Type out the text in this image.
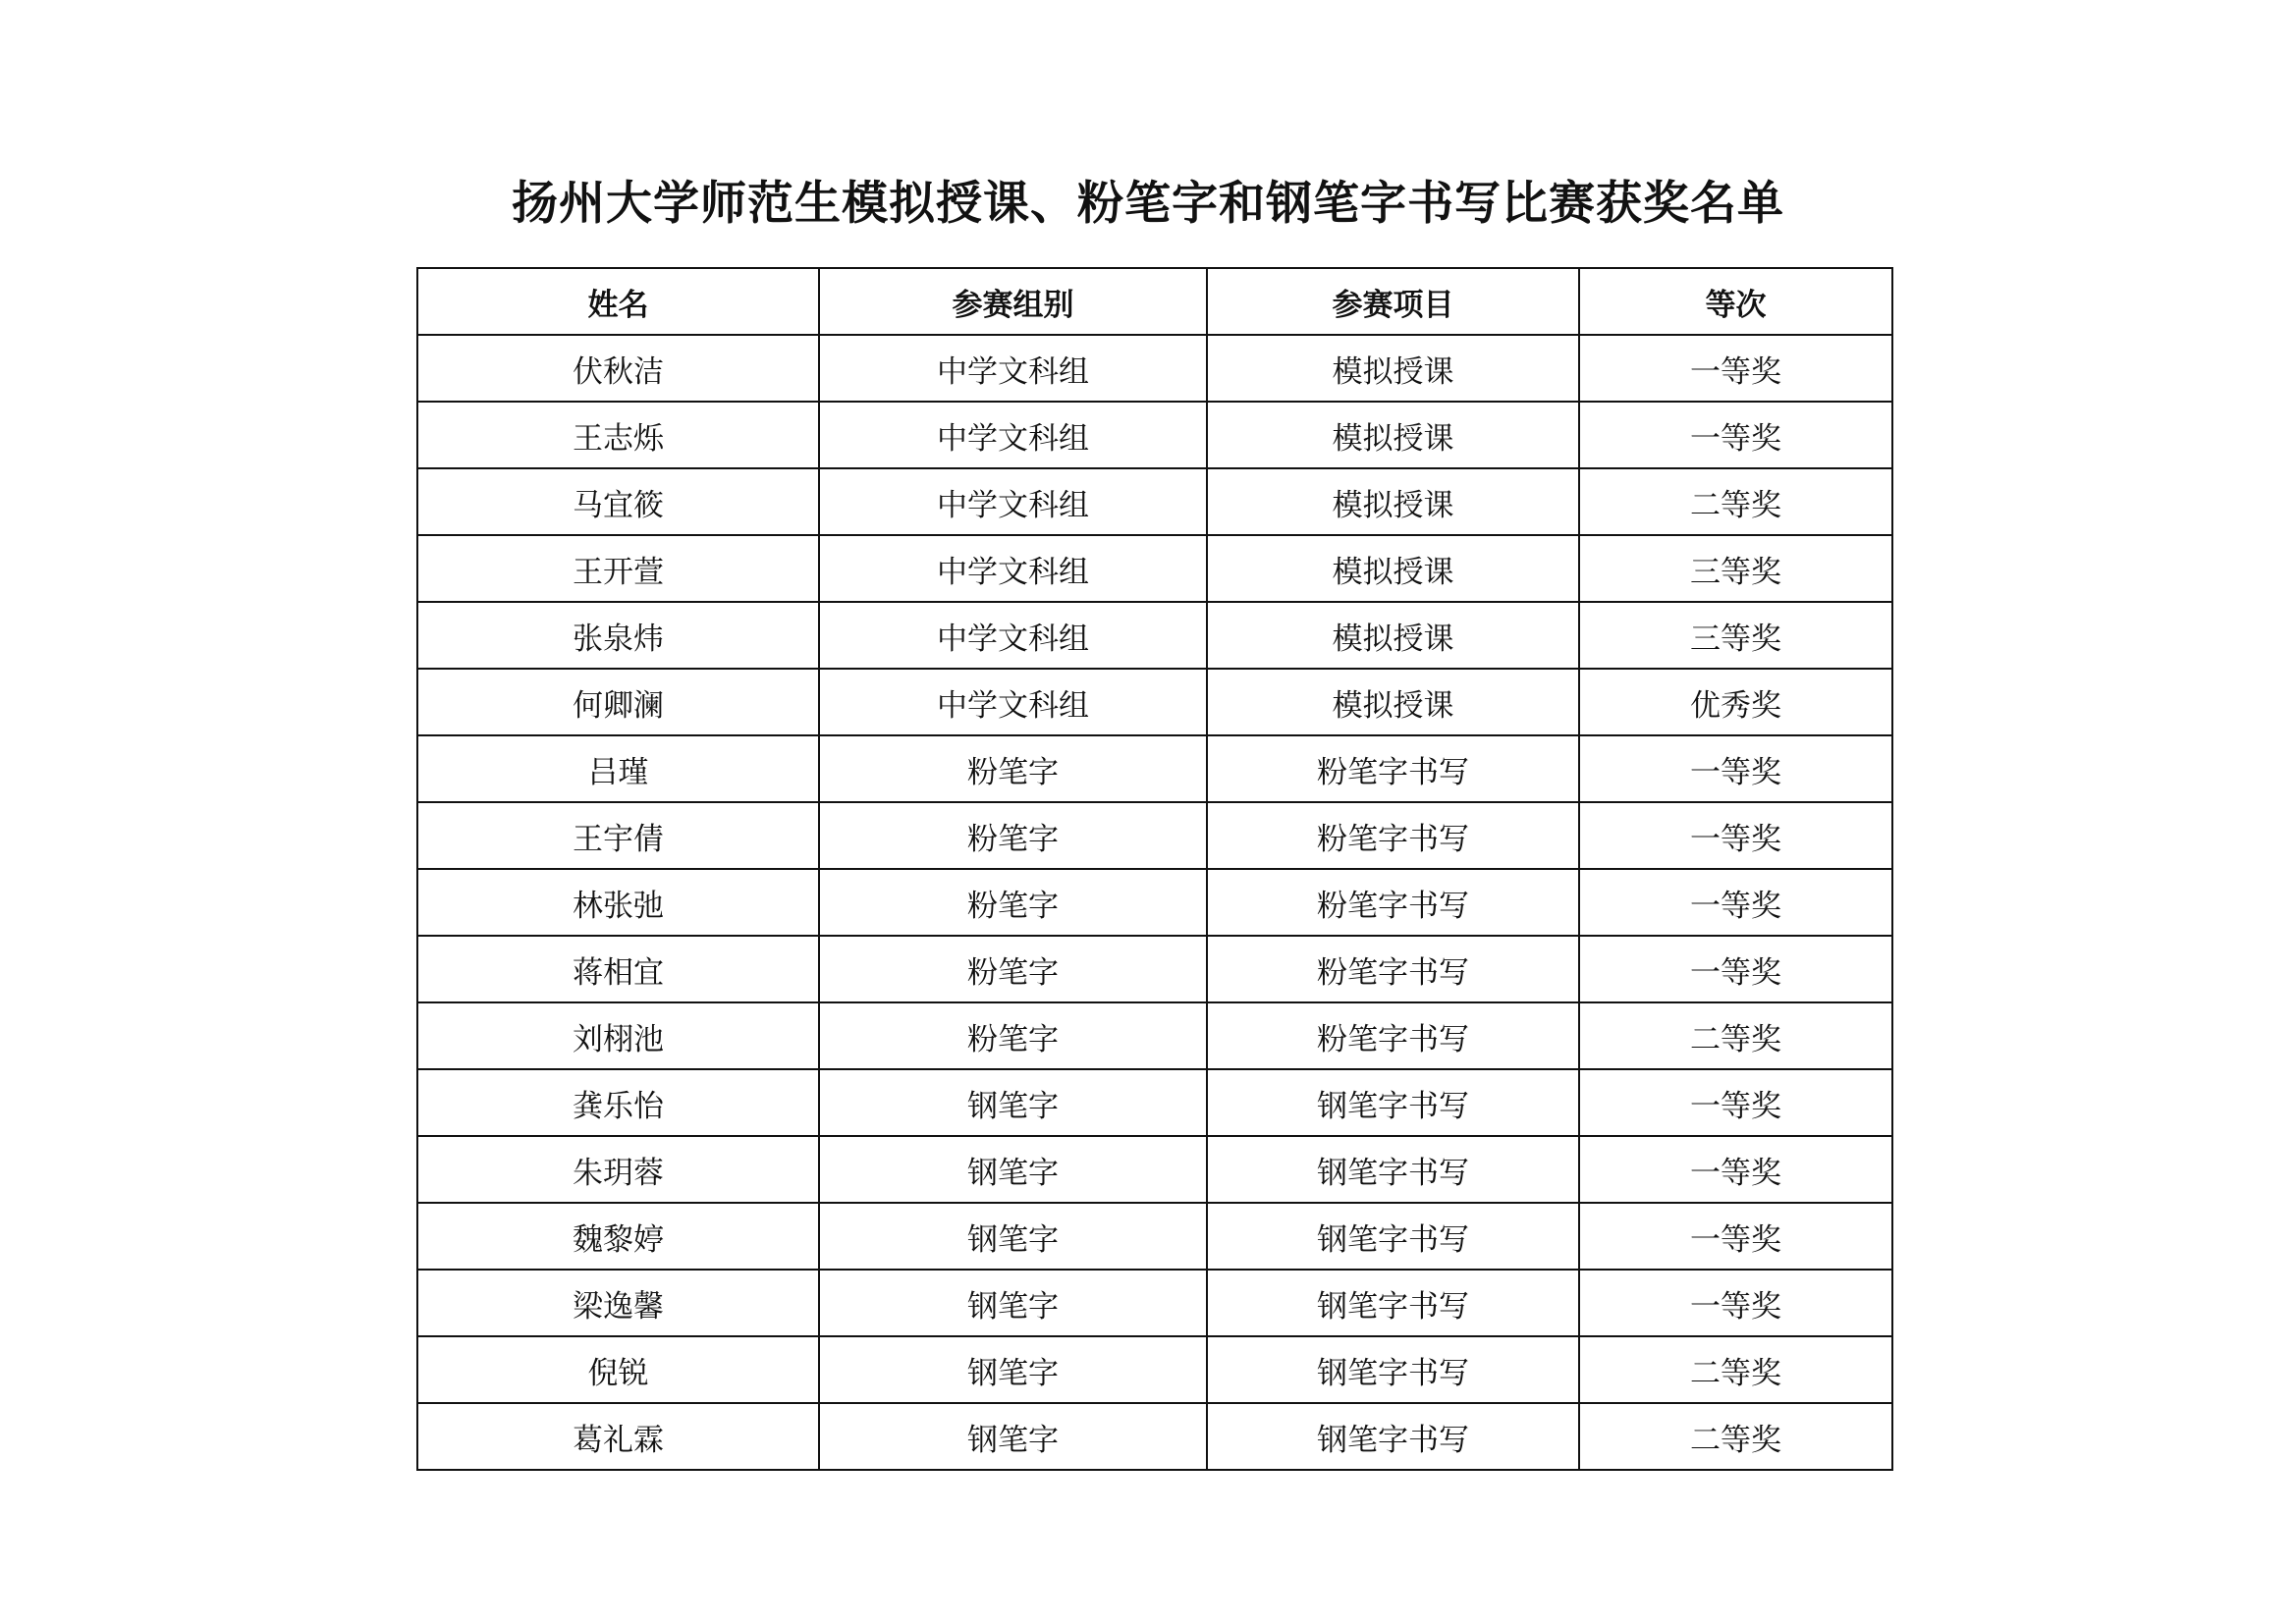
扬州大学师范生模拟授课、粉笔字和钢笔字书写比赛获奖名单
姓名	参赛组别	参赛项目	等次
伏秋洁	中学文科组	模拟授课	一等奖
王志烁	中学文科组	模拟授课	一等奖
马宜筱	中学文科组	模拟授课	二等奖
王开萱	中学文科组	模拟授课	三等奖
张泉炜	中学文科组	模拟授课	三等奖
何卿澜	中学文科组	模拟授课	优秀奖
吕瑾	粉笔字	粉笔字书写	一等奖
王宇倩	粉笔字	粉笔字书写	一等奖
林张弛	粉笔字	粉笔字书写	一等奖
蒋相宜	粉笔字	粉笔字书写	一等奖
刘栩池	粉笔字	粉笔字书写	二等奖
龚乐怡	钢笔字	钢笔字书写	一等奖
朱玥蓉	钢笔字	钢笔字书写	一等奖
魏黎婷	钢笔字	钢笔字书写	一等奖
梁逸馨	钢笔字	钢笔字书写	一等奖
倪锐	钢笔字	钢笔字书写	二等奖
葛礼霖	钢笔字	钢笔字书写	二等奖
